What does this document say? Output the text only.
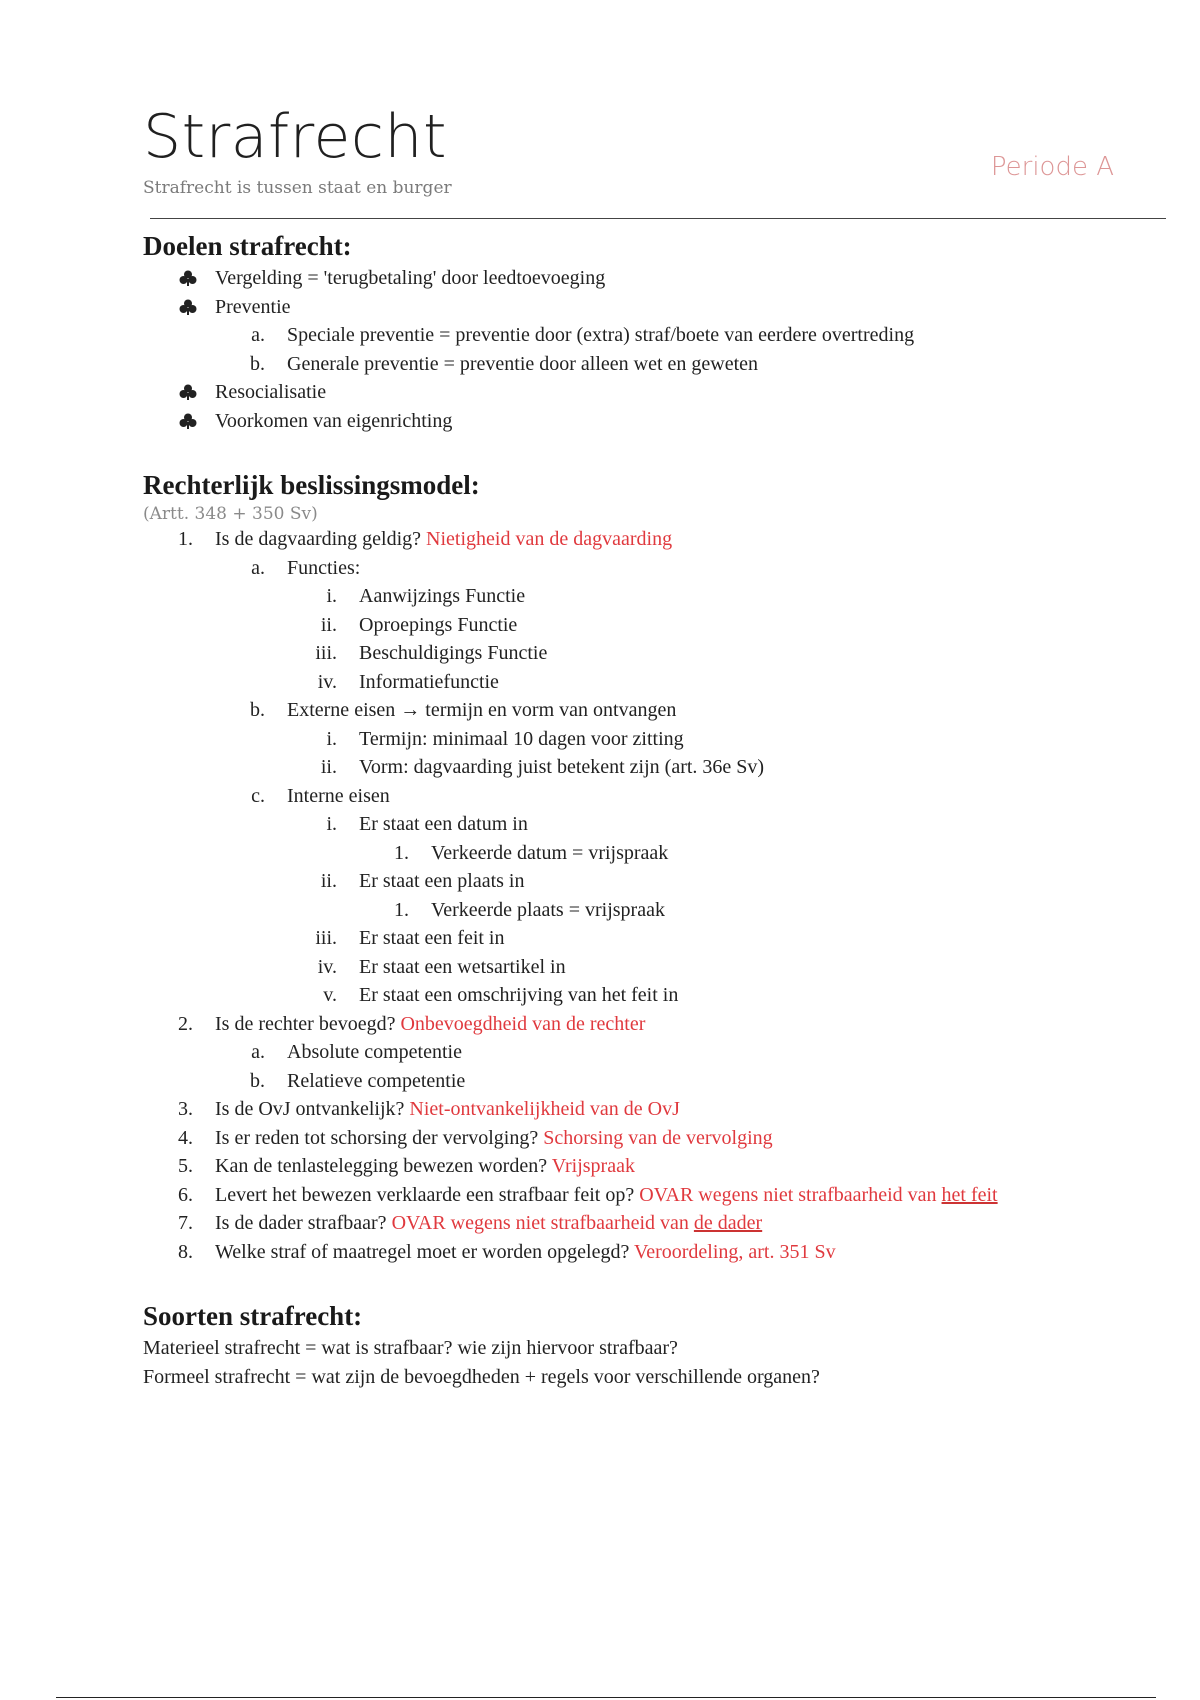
Strafrecht

Strafrecht is tussen staat en burger

Periode A

Doelen strafrecht:
Vergelding = 'terugbetaling' door leedtoevoeging
Preventie
a. Speciale preventie = preventie door (extra) straf/boete van eerdere overtreding
b. Generale preventie = preventie door alleen wet en geweten
Resocialisatie
Voorkomen van eigenrichting
Rechterlijk beslissingsmodel:
(Artt. 348 + 350 Sv)
1. Is de dagvaarding geldig? Nietigheid van de dagvaarding
a. Functies:
i. Aanwijzings Functie
ii. Oproepings Functie
iii. Beschuldigings Functie
iv. Informatiefunctie
b. Externe eisen → termijn en vorm van ontvangen
i. Termijn: minimaal 10 dagen voor zitting
ii. Vorm: dagvaarding juist betekent zijn (art. 36e Sv)
c. Interne eisen
i. Er staat een datum in
1. Verkeerde datum = vrijspraak
ii. Er staat een plaats in
1. Verkeerde plaats = vrijspraak
iii. Er staat een feit in
iv. Er staat een wetsartikel in
v. Er staat een omschrijving van het feit in
2. Is de rechter bevoegd? Onbevoegdheid van de rechter
a. Absolute competentie
b. Relatieve competentie
3. Is de OvJ ontvankelijk? Niet-ontvankelijkheid van de OvJ
4. Is er reden tot schorsing der vervolging? Schorsing van de vervolging
5. Kan de tenlastelegging bewezen worden? Vrijspraak
6. Levert het bewezen verklaarde een strafbaar feit op? OVAR wegens niet strafbaarheid van het feit
7. Is de dader strafbaar? OVAR wegens niet strafbaarheid van de dader
8. Welke straf of maatregel moet er worden opgelegd? Veroordeling, art. 351 Sv
Soorten strafrecht:
Materieel strafrecht = wat is strafbaar? wie zijn hiervoor strafbaar?
Formeel strafrecht = wat zijn de bevoegdheden + regels voor verschillende organen?
